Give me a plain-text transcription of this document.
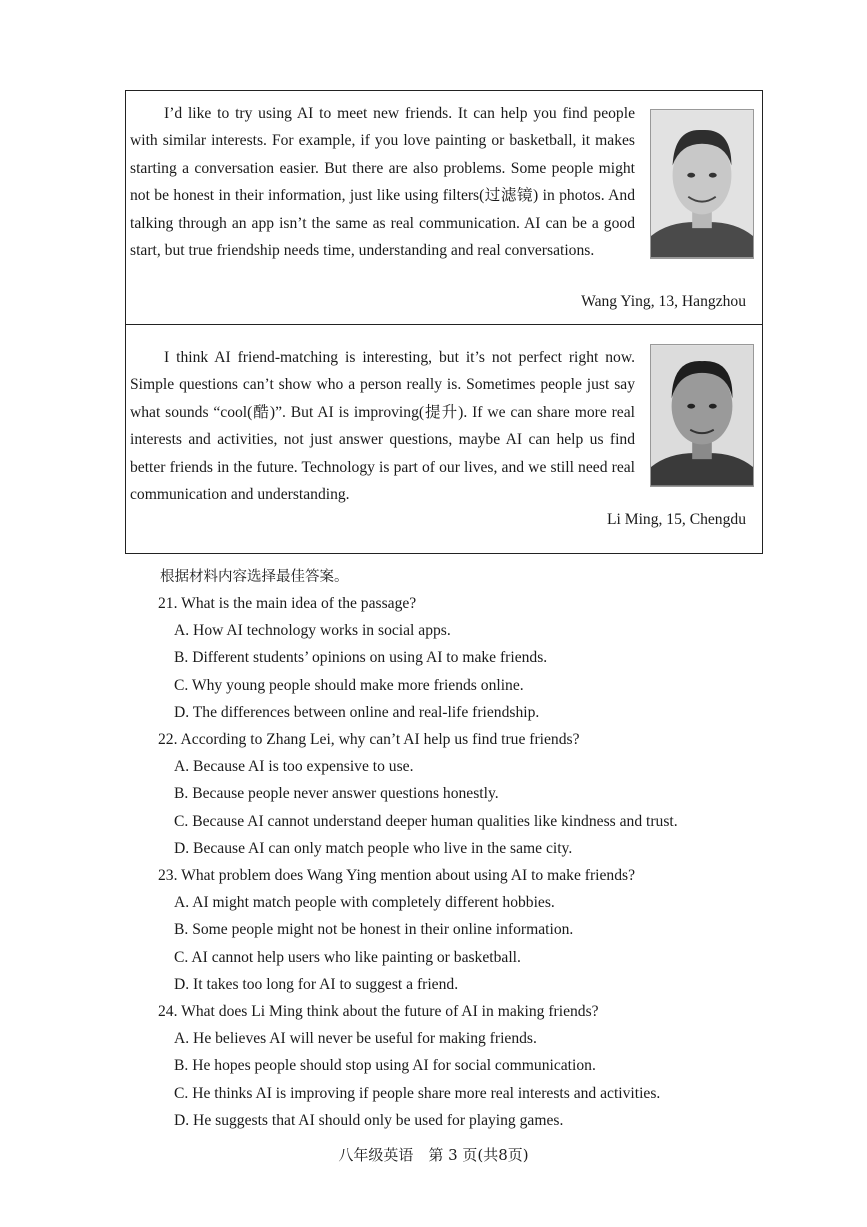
I’d like to try using AI to meet new friends. It can help you find people with similar interests. For example, if you love painting or basketball, it makes starting a conversation easier. But there are also problems. Some people might not be honest in their information, just like using filters(过滤镜) in photos. And talking through an app isn’t the same as real communication. AI can be a good start, but true friendship needs time, understanding and real conversations.

Wang Ying, 13, Hangzhou

I think AI friend-matching is interesting, but it’s not perfect right now. Simple questions can’t show who a person really is. Sometimes people just say what sounds “cool(酷)”. But AI is improving(提升). If we can share more real interests and activities, not just answer questions, maybe AI can help us find better friends in the future. Technology is part of our lives, and we still need real communication and understanding.

Li Ming, 15, Chengdu
根据材料内容选择最佳答案。
21. What is the main idea of the passage?
A. How AI technology works in social apps.
B. Different students’ opinions on using AI to make friends.
C. Why young people should make more friends online.
D. The differences between online and real-life friendship.
22. According to Zhang Lei, why can’t AI help us find true friends?
A. Because AI is too expensive to use.
B. Because people never answer questions honestly.
C. Because AI cannot understand deeper human qualities like kindness and trust.
D. Because AI can only match people who live in the same city.
23. What problem does Wang Ying mention about using AI to make friends?
A. AI might match people with completely different hobbies.
B. Some people might not be honest in their online information.
C. AI cannot help users who like painting or basketball.
D. It takes too long for AI to suggest a friend.
24. What does Li Ming think about the future of AI in making friends?
A. He believes AI will never be useful for making friends.
B. He hopes people should stop using AI for social communication.
C. He thinks AI is improving if people share more real interests and activities.
D. He suggests that AI should only be used for playing games.
八年级英语　第 3 页(共8页)
